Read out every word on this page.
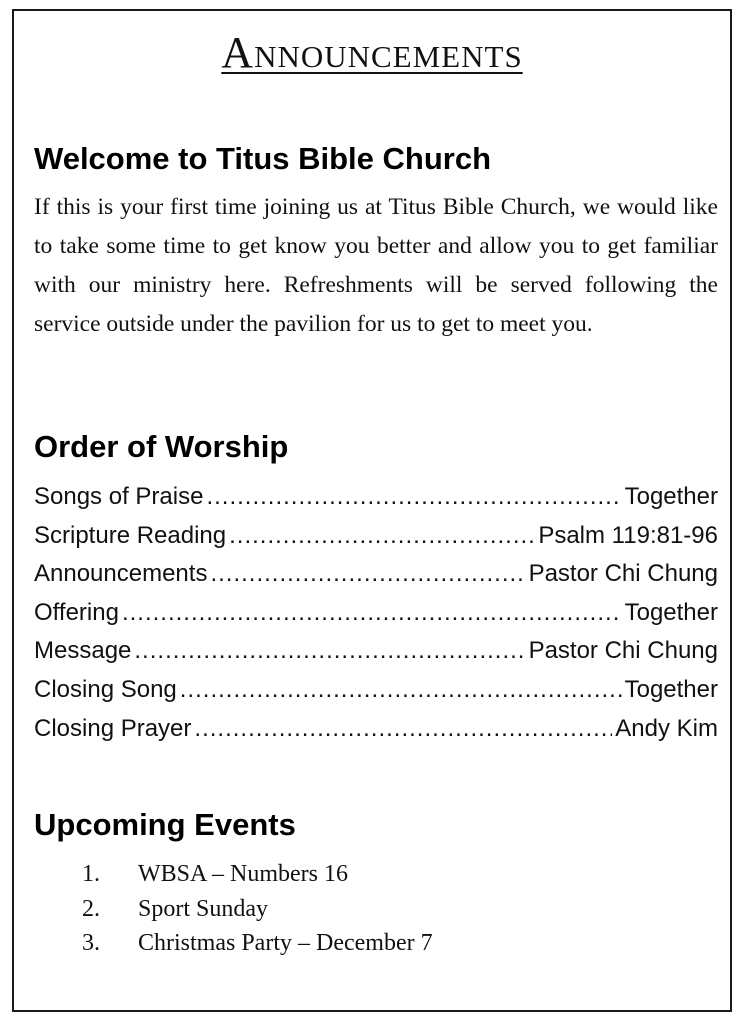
Announcements
Welcome to Titus Bible Church
If this is your first time joining us at Titus Bible Church, we would like to take some time to get know you better and allow you to get familiar with our ministry here. Refreshments will be served following the service outside under the pavilion for us to get to meet you.
Order of Worship
Songs of Praise .....	Together
Scripture Reading .....	Psalm 119:81-96
Announcements .....	Pastor Chi Chung
Offering .....	Together
Message .....	Pastor Chi Chung
Closing Song .....	Together
Closing Prayer .....	Andy Kim
Upcoming Events
1.	WBSA – Numbers 16
2.	Sport Sunday
3.	Christmas Party – December 7
